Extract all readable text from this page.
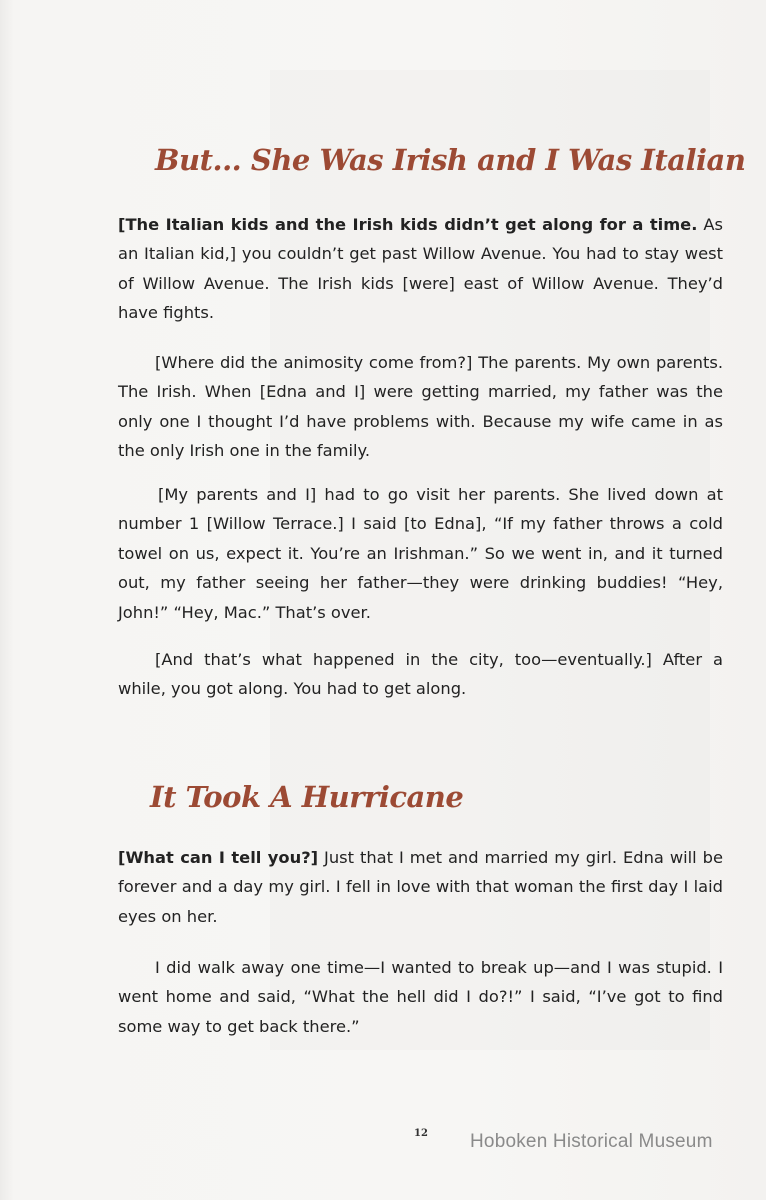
But... She Was Irish and I Was Italian

[The Italian kids and the Irish kids didn’t get along for a time. As an Italian kid,] you couldn’t get past Willow Avenue. You had to stay west of Willow Avenue. The Irish kids [were] east of Willow Avenue. They’d have fights.

[Where did the animosity come from?] The parents. My own parents. The Irish. When [Edna and I] were getting married, my father was the only one I thought I’d have problems with. Because my wife came in as the only Irish one in the family.

[My parents and I] had to go visit her parents. She lived down at number 1 [Willow Terrace.] I said [to Edna], “If my father throws a cold towel on us, expect it. You’re an Irishman.” So we went in, and it turned out, my father seeing her father—they were drinking buddies! “Hey, John!” “Hey, Mac.” That’s over.

[And that’s what happened in the city, too—eventually.] After a while, you got along. You had to get along.

It Took A Hurricane

[What can I tell you?] Just that I met and married my girl. Edna will be forever and a day my girl. I fell in love with that woman the first day I laid eyes on her.

I did walk away one time—I wanted to break up—and I was stupid. I went home and said, “What the hell did I do?!” I said, “I’ve got to find some way to get back there.”

12 Hoboken Historical Museum
